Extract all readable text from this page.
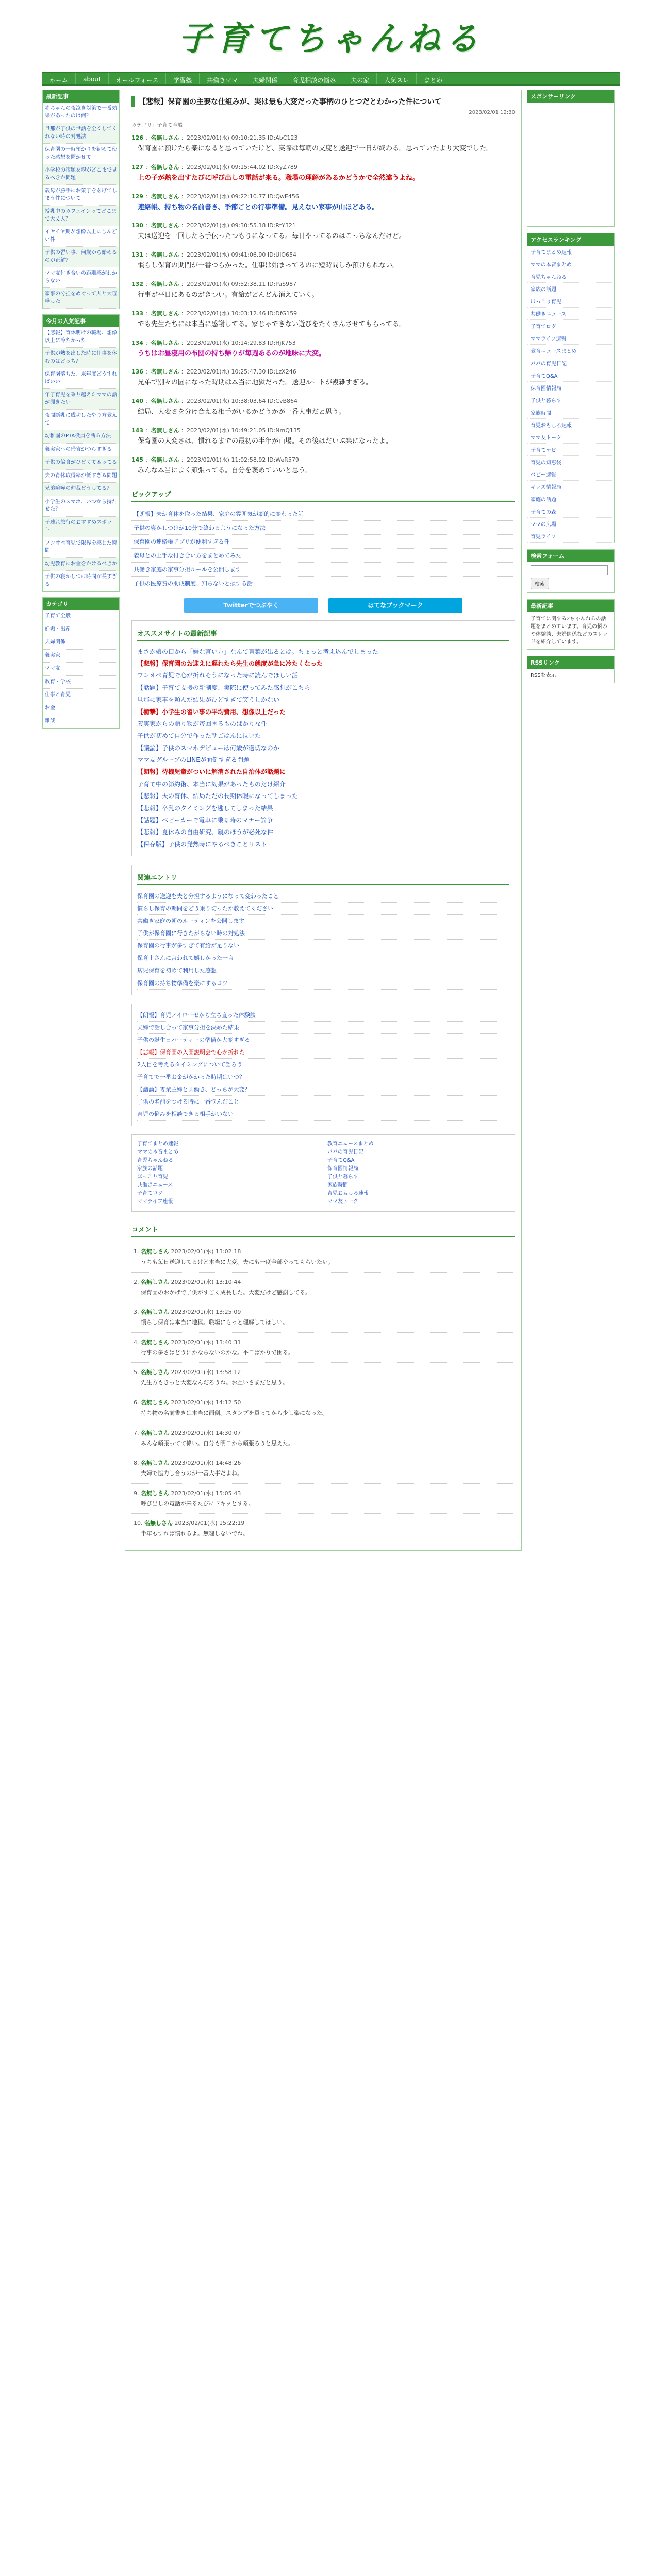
子育てちゃんねる
ホーム	about	オールフォース	学習塾	共働きママ	夫婦関係	育児相談の悩み	夫の家	人気スレ	まとめ
最新記事
赤ちゃんの夜泣き対策で一番効果があったのは何？
旦那が子供の世話を全くしてくれない時の対処法
保育園の一時預かりを初めて使った感想を聞かせて
小学校の宿題を親がどこまで見るべきか問題
義母が勝手にお菓子をあげてしまう件について
授乳中のカフェインってどこまで大丈夫？
イヤイヤ期が想像以上にしんどい件
子供の習い事、何歳から始めるのが正解？
ママ友付き合いの距離感がわからない
家事の分担をめぐって夫と大喧嘩した
今月の人気記事
【悲報】育休明けの職場、想像以上に冷たかった
子供が熱を出した時に仕事を休むのはどっち？
保育園落ちた、来年度どうすればいい
年子育児を乗り越えたママの話が聞きたい
夜間断乳に成功したやり方教えて
幼稚園のPTA役員を断る方法
義実家への帰省がつらすぎる
子供の偏食がひどくて困ってる
夫の育休取得率が低すぎる問題
兄弟喧嘩の仲裁どうしてる？
小学生のスマホ、いつから持たせた？
子連れ旅行のおすすめスポット
ワンオペ育児で限界を感じた瞬間
幼児教育にお金をかけるべきか
子供の寝かしつけ時間が長すぎる
カテゴリ
子育て全般
妊娠・出産
夫婦関係
義実家
ママ友
教育・学校
仕事と育児
お金
雑談
【悲報】保育園の主要な仕組みが、実は最も大変だった事柄のひとつだとわかった件について
2023/02/01 12:30
カテゴリ：子育て全般
126 ：名無しさん ：2023/02/01(水) 09:10:21.35 ID:AbC123
保育園に預けたら楽になると思っていたけど、実際は毎朝の支度と送迎で一日が終わる。思っていたより大変でした。
127 ：名無しさん ：2023/02/01(水) 09:15:44.02 ID:XyZ789
上の子が熱を出すたびに呼び出しの電話が来る。職場の理解があるかどうかで全然違うよね。
129 ：名無しさん ：2023/02/01(水) 09:22:10.77 ID:QwE456
連絡帳、持ち物の名前書き、季節ごとの行事準備。見えない家事が山ほどある。
130 ：名無しさん ：2023/02/01(水) 09:30:55.18 ID:RtY321
夫は送迎を一回したら手伝ったつもりになってる。毎日やってるのはこっちなんだけど。
131 ：名無しさん ：2023/02/01(水) 09:41:06.90 ID:UiO654
慣らし保育の期間が一番つらかった。仕事は始まってるのに短時間しか預けられない。
132 ：名無しさん ：2023/02/01(水) 09:52:38.11 ID:PaS987
行事が平日にあるのがきつい。有給がどんどん消えていく。
133 ：名無しさん ：2023/02/01(水) 10:03:12.46 ID:DfG159
でも先生たちには本当に感謝してる。家じゃできない遊びをたくさんさせてもらってる。
134 ：名無しさん ：2023/02/01(水) 10:14:29.83 ID:HjK753
うちはお昼寝用の布団の持ち帰りが毎週あるのが地味に大変。
136 ：名無しさん ：2023/02/01(水) 10:25:47.30 ID:LzX246
兄弟で別々の園になった時期は本当に地獄だった。送迎ルートが複雑すぎる。
140 ：名無しさん ：2023/02/01(水) 10:38:03.64 ID:CvB864
結局、大変さを分け合える相手がいるかどうかが一番大事だと思う。
143 ：名無しさん ：2023/02/01(水) 10:49:21.05 ID:NmQ135
保育園の大変さは、慣れるまでの最初の半年が山場。その後はだいぶ楽になったよ。
145 ：名無しさん ：2023/02/01(水) 11:02:58.92 ID:WeR579
みんな本当によく頑張ってる。自分を褒めていいと思う。
ピックアップ
【朗報】夫が育休を取った結果、家庭の雰囲気が劇的に変わった話
子供の寝かしつけが10分で終わるようになった方法
保育園の連絡帳アプリが便利すぎる件
義母との上手な付き合い方をまとめてみた
共働き家庭の家事分担ルールを公開します
子供の医療費の助成制度、知らないと損する話
Twitterでつぶやく	はてなブックマーク
オススメサイトの最新記事
まさか娘の口から「嫌な言い方」なんて言葉が出るとは。ちょっと考え込んでしまった
【悲報】保育園のお迎えに遅れたら先生の態度が急に冷たくなった
ワンオペ育児で心が折れそうになった時に読んでほしい話
【話題】子育て支援の新制度、実際に使ってみた感想がこちら
旦那に家事を頼んだ結果がひどすぎて笑うしかない
【衝撃】小学生の習い事の平均費用、想像以上だった
義実家からの贈り物が毎回困るものばかりな件
子供が初めて自分で作った朝ごはんに泣いた
【議論】子供のスマホデビューは何歳が適切なのか
ママ友グループのLINEが面倒すぎる問題
【朗報】待機児童がついに解消された自治体が話題に
子育て中の節約術、本当に効果があったものだけ紹介
【悲報】夫の育休、結局ただの長期休暇になってしまった
【悲報】卒乳のタイミングを逃してしまった結果
【話題】ベビーカーで電車に乗る時のマナー論争
【悲報】夏休みの自由研究、親のほうが必死な件
【保存版】子供の発熱時にやるべきことリスト
関連エントリ
保育園の送迎を夫と分担するようになって変わったこと
慣らし保育の期間をどう乗り切ったか教えてください
共働き家庭の朝のルーティンを公開します
子供が保育園に行きたがらない時の対処法
保育園の行事が多すぎて有給が足りない
保育士さんに言われて嬉しかった一言
病児保育を初めて利用した感想
保育園の持ち物準備を楽にするコツ
【朗報】育児ノイローゼから立ち直った体験談
夫婦で話し合って家事分担を決めた結果
子供の誕生日パーティーの準備が大変すぎる
【悲報】保育園の入園説明会で心が折れた
2人目を考えるタイミングについて語ろう
子育てで一番お金がかかった時期はいつ？
【議論】専業主婦と共働き、どっちが大変？
子供の名前をつける時に一番悩んだこと
育児の悩みを相談できる相手がいない
子育てまとめ速報
ママの本音まとめ
育児ちゃんねる
家族の話題
ほっこり育児
共働きニュース
子育てログ
ママライフ速報
教育ニュースまとめ
パパの育児日記
子育てQ&A
保育園情報局
子供と暮らす
家族時間
育児おもしろ速報
ママ友トーク
コメント
1. 名無しさん 2023/02/01(水) 13:02:18
うちも毎日送迎してるけど本当に大変。夫にも一度全部やってもらいたい。
2. 名無しさん 2023/02/01(水) 13:10:44
保育園のおかげで子供がすごく成長した。大変だけど感謝してる。
3. 名無しさん 2023/02/01(水) 13:25:09
慣らし保育は本当に地獄。職場にもっと理解してほしい。
4. 名無しさん 2023/02/01(水) 13:40:31
行事の多さはどうにかならないのかな。平日ばかりで困る。
5. 名無しさん 2023/02/01(水) 13:58:12
先生方もきっと大変なんだろうね。お互いさまだと思う。
6. 名無しさん 2023/02/01(水) 14:12:50
持ち物の名前書きは本当に面倒。スタンプを買ってから少し楽になった。
7. 名無しさん 2023/02/01(水) 14:30:07
みんな頑張ってて偉い。自分も明日から頑張ろうと思えた。
8. 名無しさん 2023/02/01(水) 14:48:26
夫婦で協力し合うのが一番大事だよね。
9. 名無しさん 2023/02/01(水) 15:05:43
呼び出しの電話が来るたびにドキッとする。
10. 名無しさん 2023/02/01(水) 15:22:19
半年もすれば慣れるよ。無理しないでね。
スポンサーリンク
アクセスランキング
子育てまとめ速報
ママの本音まとめ
育児ちゃんねる
家族の話題
ほっこり育児
共働きニュース
子育てログ
ママライフ速報
教育ニュースまとめ
パパの育児日記
子育てQ&A
保育園情報局
子供と暮らす
家族時間
育児おもしろ速報
ママ友トーク
子育てナビ
育児の知恵袋
ベビー速報
キッズ情報局
家庭の話題
子育ての森
ママの広場
育児ライフ
検索フォーム
検索
最新記事
子育てに関する2ちゃんねるの話題をまとめています。育児の悩みや体験談、夫婦関係などのスレッドを紹介しています。
RSSリンク
RSSを表示
